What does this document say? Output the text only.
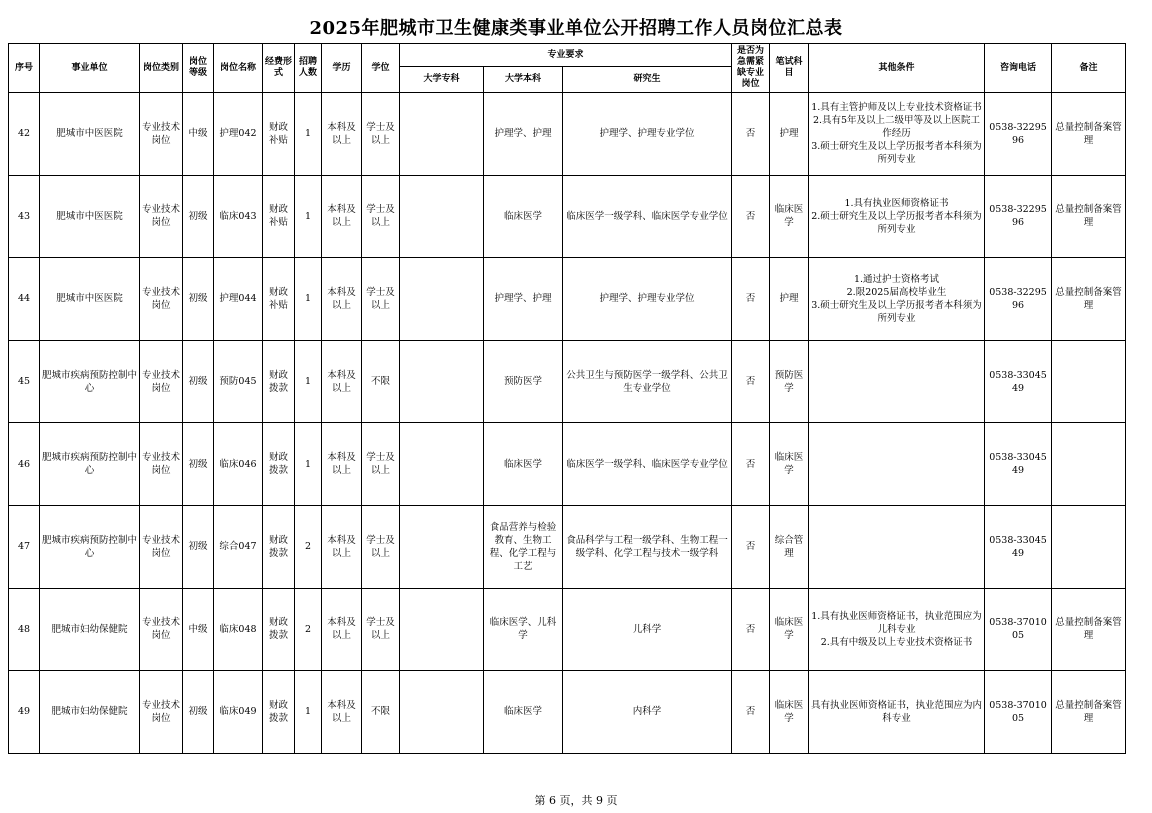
2025年肥城市卫生健康类事业单位公开招聘工作人员岗位汇总表
序号	事业单位	岗位类别	岗位等级	岗位名称	经费形式	招聘人数	学历	学位	专业要求			是否为急需紧缺专业岗位	笔试科目	其他条件	咨询电话	备注
									大学专科	大学本科	研究生					
42	肥城市中医医院	专业技术岗位	中级	护理042	财政补贴	1	本科及以上	学士及以上		护理学、护理	护理学、护理专业学位	否	护理	1.具有主管护师及以上专业技术资格证书
2.具有5年及以上二级甲等及以上医院工作经历
3.硕士研究生及以上学历报考者本科须为所列专业	0538-3229596	总量控制备案管理
43	肥城市中医医院	专业技术岗位	初级	临床043	财政补贴	1	本科及以上	学士及以上		临床医学	临床医学一级学科、临床医学专业学位	否	临床医学	1.具有执业医师资格证书
2.硕士研究生及以上学历报考者本科须为所列专业	0538-3229596	总量控制备案管理
44	肥城市中医医院	专业技术岗位	初级	护理044	财政补贴	1	本科及以上	学士及以上		护理学、护理	护理学、护理专业学位	否	护理	1.通过护士资格考试
2.限2025届高校毕业生
3.硕士研究生及以上学历报考者本科须为所列专业	0538-3229596	总量控制备案管理
45	肥城市疾病预防控制中心	专业技术岗位	初级	预防045	财政拨款	1	本科及以上	不限		预防医学	公共卫生与预防医学一级学科、公共卫生专业学位	否	预防医学		0538-3304549	
46	肥城市疾病预防控制中心	专业技术岗位	初级	临床046	财政拨款	1	本科及以上	学士及以上		临床医学	临床医学一级学科、临床医学专业学位	否	临床医学		0538-3304549	
47	肥城市疾病预防控制中心	专业技术岗位	初级	综合047	财政拨款	2	本科及以上	学士及以上		食品营养与检验教育、生物工程、化学工程与工艺	食品科学与工程一级学科、生物工程一级学科、化学工程与技术一级学科	否	综合管理		0538-3304549	
48	肥城市妇幼保健院	专业技术岗位	中级	临床048	财政拨款	2	本科及以上	学士及以上		临床医学、儿科学	儿科学	否	临床医学	1.具有执业医师资格证书，执业范围应为儿科专业
2.具有中级及以上专业技术资格证书	0538-3701005	总量控制备案管理
49	肥城市妇幼保健院	专业技术岗位	初级	临床049	财政拨款	1	本科及以上	不限		临床医学	内科学	否	临床医学	具有执业医师资格证书，执业范围应为内科专业	0538-3701005	总量控制备案管理
第 6 页，共 9 页
